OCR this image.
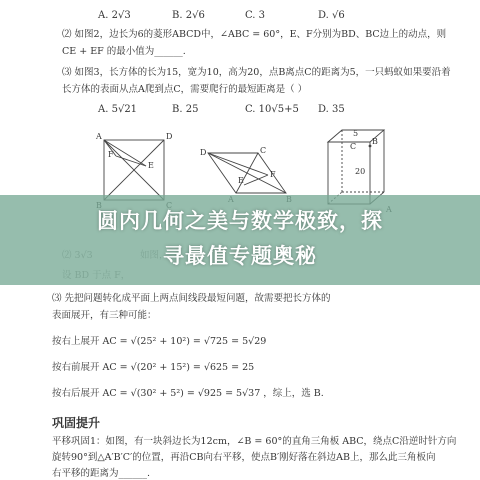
A. 2√3	B. 2√6	C. 3	D. √6
⑵ 如图2，边长为6的菱形ABCD中，∠ABC = 60°，E、F分别为BD、BC边上的动点，则
CE + EF 的最小值为______.
⑶ 如图3，长方体的长为15，宽为10，高为20，点B离点C的距离为5，一只蚂蚁如果要沿着
长方体的表面从点A爬到点C，需要爬行的最短距离是（ ）
A. 5√21	B. 25	C. 10√5+5 D. 35
A	D
E
F	D	C
E
F
5
B
C
20
圆内几何之美与数学极致，探
寻最值专题奥秘
⑶ 先把问题转化成平面上两点间线段最短问题，故需要把长方体的
表面展开，有三种可能：
按右上展开 AC = √(25² + 10²) = √725 = 5√29
按右前展开 AC = √(20² + 15²) = √625 = 25
按右后展开 AC = √(30² + 5²) = √925 = 5√37 ，综上，选 B.
巩固提升
平移巩固1：如图，有一块斜边长为12cm，∠B = 60°的直角三角板 ABC，绕点C沿逆时针方向
旋转90°到△A′B′C′的位置，再沿CB向右平移，使点B′刚好落在斜边AB上，那么此三角板向
右平移的距离为______.
